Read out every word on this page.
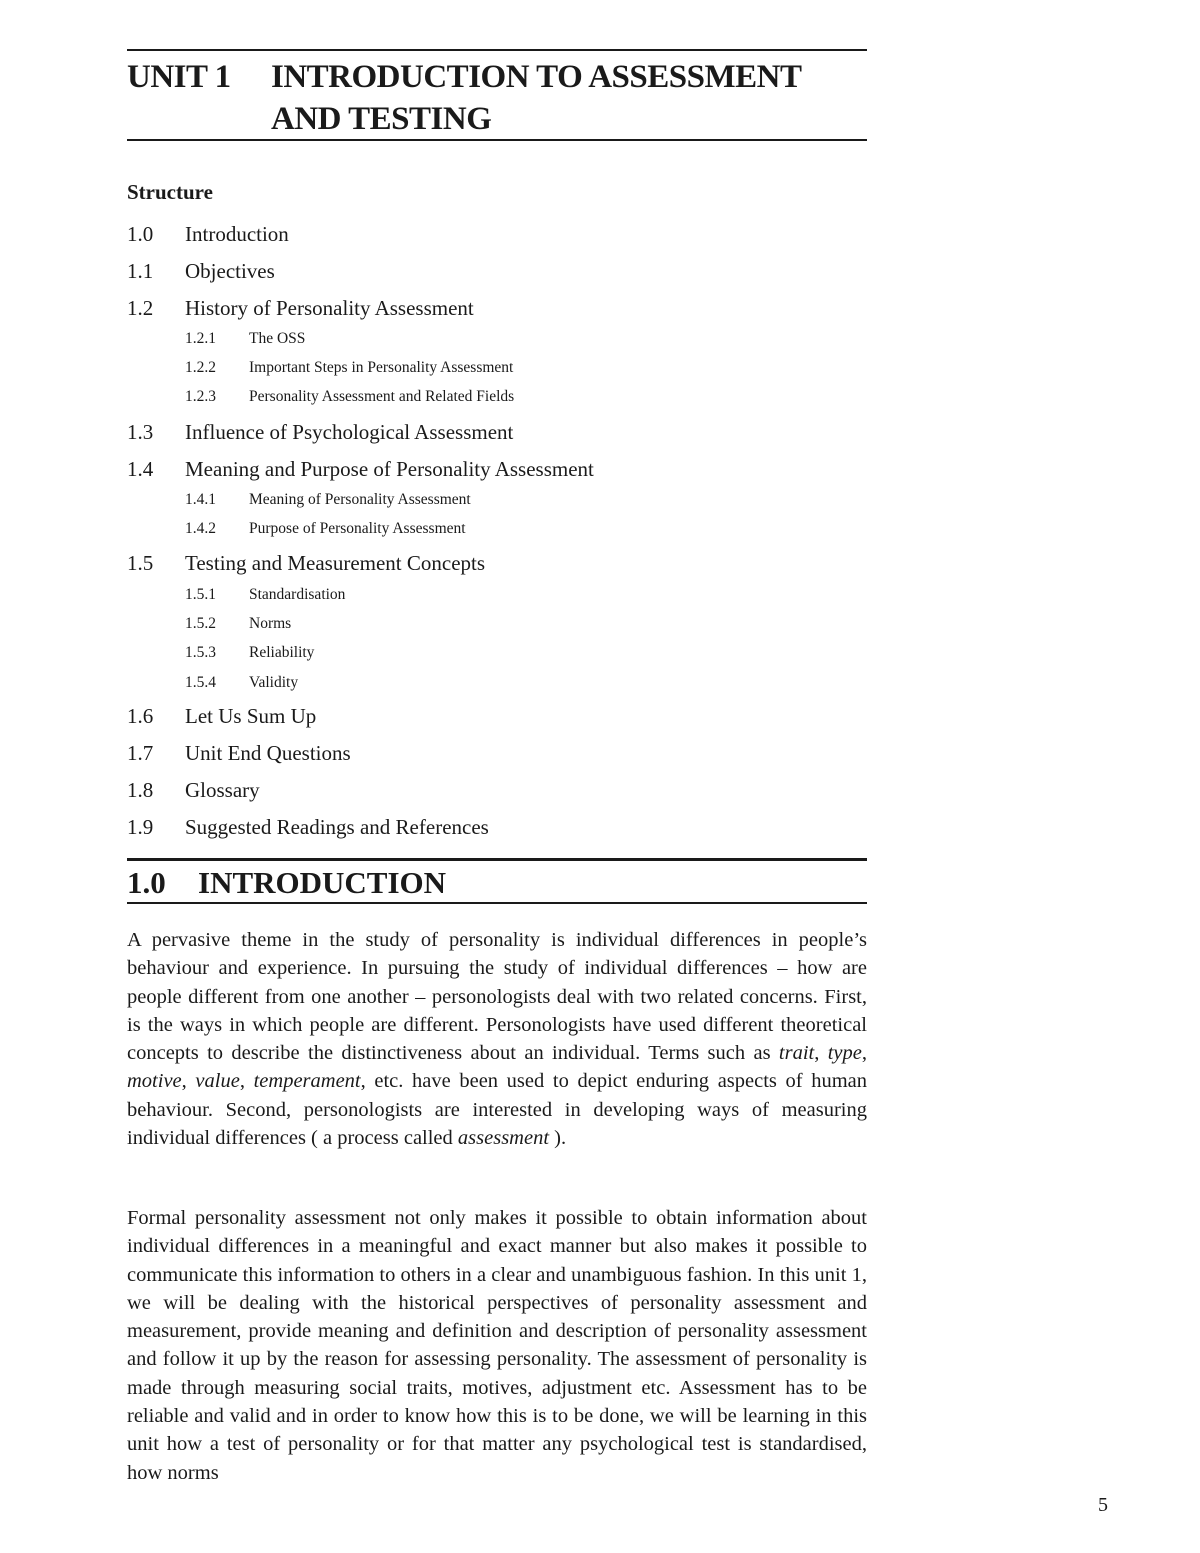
UNIT 1 INTRODUCTION TO ASSESSMENT AND TESTING
Structure
1.0 Introduction
1.1 Objectives
1.2 History of Personality Assessment
1.2.1 The OSS
1.2.2 Important Steps in Personality Assessment
1.2.3 Personality Assessment and Related Fields
1.3 Influence of Psychological Assessment
1.4 Meaning and Purpose of Personality Assessment
1.4.1 Meaning of Personality Assessment
1.4.2 Purpose of Personality Assessment
1.5 Testing and Measurement Concepts
1.5.1 Standardisation
1.5.2 Norms
1.5.3 Reliability
1.5.4 Validity
1.6 Let Us Sum Up
1.7 Unit End Questions
1.8 Glossary
1.9 Suggested Readings and References
1.0 INTRODUCTION
A pervasive theme in the study of personality is individual differences in people’s behaviour and experience. In pursuing the study of individual differences – how are people different from one another – personologists deal with two related concerns. First, is the ways in which people are different. Personologists have used different theoretical concepts to describe the distinctiveness about an individual. Terms such as trait, type, motive, value, temperament, etc. have been used to depict enduring aspects of human behaviour. Second, personologists are interested in developing ways of measuring individual differences ( a process called assessment ).
Formal personality assessment not only makes it possible to obtain information about individual differences in a meaningful and exact manner but also makes it possible to communicate this information to others in a clear and unambiguous fashion. In this unit 1, we will be dealing with the historical perspectives of personality assessment and measurement, provide meaning and definition and description of personality assessment and follow it up by the reason for assessing personality. The assessment of personality is made through measuring social traits, motives, adjustment etc. Assessment has to be reliable and valid and in order to know how this is to be done, we will be learning in this unit how a test of personality or for that matter any psychological test is standardised, how norms
5
